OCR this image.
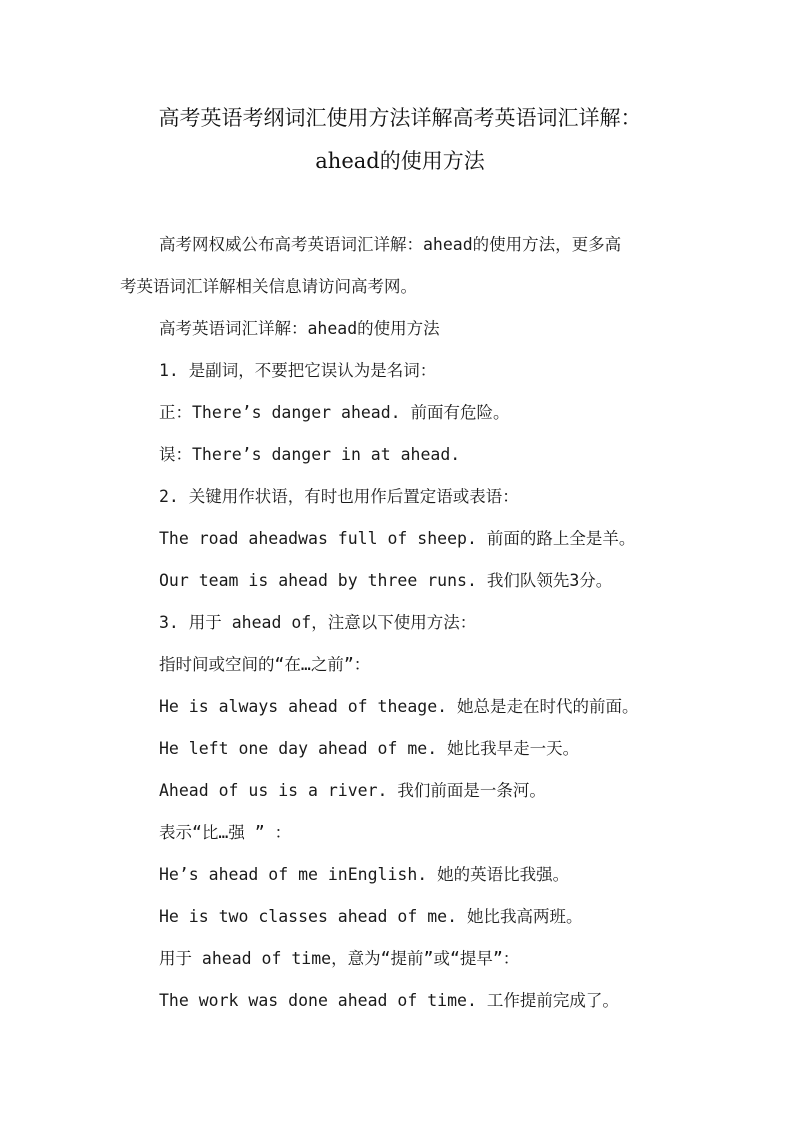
高考英语考纲词汇使用方法详解高考英语词汇详解：
ahead的使用方法
高考网权威公布高考英语词汇详解：ahead的使用方法，更多高
考英语词汇详解相关信息请访问高考网。
高考英语词汇详解：ahead的使用方法
1. 是副词，不要把它误认为是名词：
正：There’s danger ahead. 前面有危险。
误：There’s danger in at ahead.
2. 关键用作状语，有时也用作后置定语或表语：
The road aheadwas full of sheep. 前面的路上全是羊。
Our team is ahead by three runs. 我们队领先3分。
3. 用于 ahead of，注意以下使用方法：
指时间或空间的“在…之前”：
He is always ahead of theage. 她总是走在时代的前面。
He left one day ahead of me. 她比我早走一天。
Ahead of us is a river. 我们前面是一条河。
表示“比…强 ” ：
He’s ahead of me inEnglish. 她的英语比我强。
He is two classes ahead of me. 她比我高两班。
用于 ahead of time，意为“提前”或“提早”：
The work was done ahead of time. 工作提前完成了。
